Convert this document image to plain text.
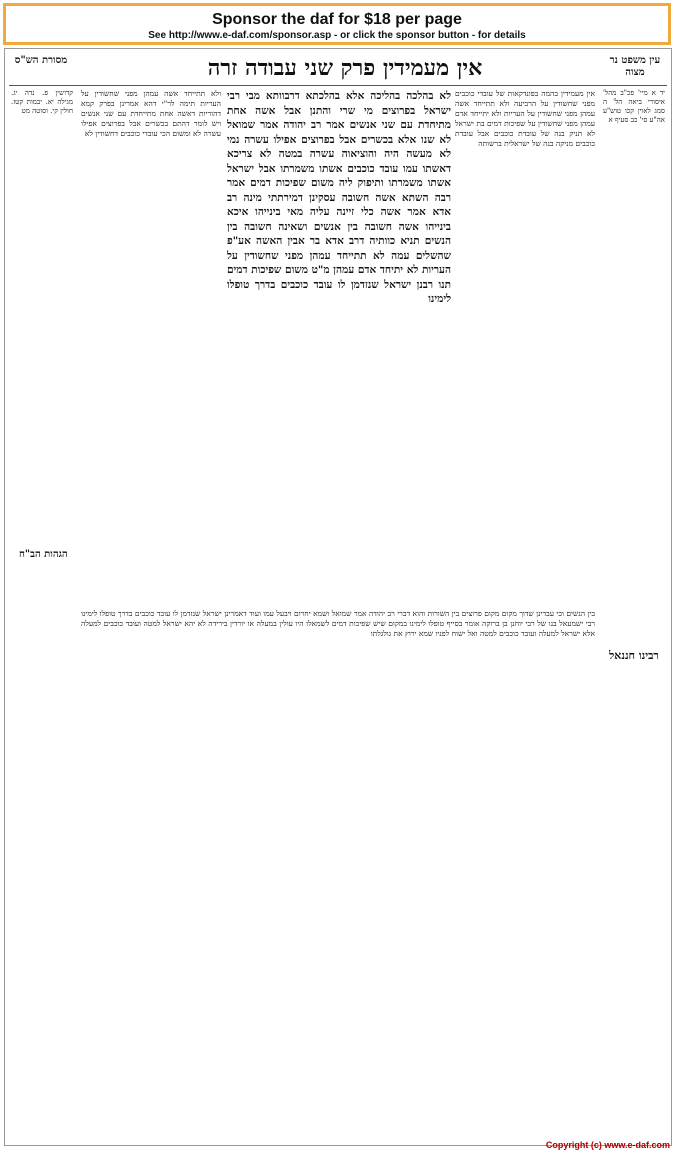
Sponsor the daf for $18 per page
See http://www.e-daf.com/sponsor.asp - or click the sponsor button - for details
עין משפט נר מצוה
אין מעמידין פרק שני עבודה זרה
מסורת הש"ס
יד א מיי' פכ"ב מהל' איסורי ביאה הל' ה סמג לאוין קכו טוש"ע אה"ע סי' כב סעיף א
רבינו חננאל
קדושין פ. נדה יג. מגילה יא. יבמות קטז. חולין קי. וסוטה מט
אין מעמידין בהמה בפונדקאות של עובדי כוכבים מפני שחשודין על הרביעה ולא תתייחד אשה עמהן מפני שחשודין על העריות ולא יתייחד אדם עמהן מפני שחשודין על שפיכות דמים בת ישראל לא תניק בנה של עובדת כוכבים אבל עובדת כוכבים מניקה בנה של ישראלית ברשותה
לא בהלכה בהליכה אלא בהלכתא דרבוותא מבי רבי ישראל בפרוצים מי שרי והתנן אבל אשה אחת מתיחדת עם שני אנשים אמר רב יהודה אמר שמואל לא שנו אלא בכשרים אבל בפרוצים אפילו עשרה נמי לא מעשה היה והוציאוה עשרה במטה לא צריכא דאשתו עמו עובד כוכבים אשתו משמרתו אבל ישראל אשתו משמרתו ותיפוק ליה משום שפיכות דמים אמר רבה השתא אשה חשובה עסקינן דמירתתי מינה רב אדא אמר אשה כלי זיינה עליה מאי בינייהו איכא בינייהו אשה חשובה בין אנשים ושאינה חשובה בין הנשים תניא כוותיה דרב אדא בר אבין האשה אע"פ שהשלים עמה לא תתייחד עמהן מפני שחשודין על העריות לא יתיחד אדם עמהן מ"ט משום שפיכות דמים תנו רבנן ישראל שנזדמן לו עובד כוכבים בדרך טופלו לימינו
ולא תתייחד אשה עמהן מפני שחשודין על העריות תימה לר"י דהא אמרינן בפרק קמא דהוריות דאשה אחת מתייחדת עם שני אנשים ויש לומר דהתם בכשרים אבל בפרוצים אפילו עשרה לא ומשום הכי עובדי כוכבים דחשודין לא
הגהות הב"ח
בין הנשים וכי עבדינן שדוך מקום מקום פרוצים בין השורות והוא דברי רב יהודה אמר שמואל ושמא יחרום ויבעל עמו ועוד דאמרינן ישראל שנזדמן לו עובד כוכבים בדרך טופלו לימינו רבי ישמעאל בנו של רבי יוחנן בן ברוקה אומר בסייף טופלו לימינו במקום שיש שפיכות דמים לשמאלו היו עולין במעלה או יורדין בירידה לא יהא ישראל למטה ועובד כוכבים למעלה אלא ישראל למעלה ועובד כוכבים למטה ואל ישוח לפניו שמא ירוץ את גולגלתו
Copyright (c) www.e-daf.com
